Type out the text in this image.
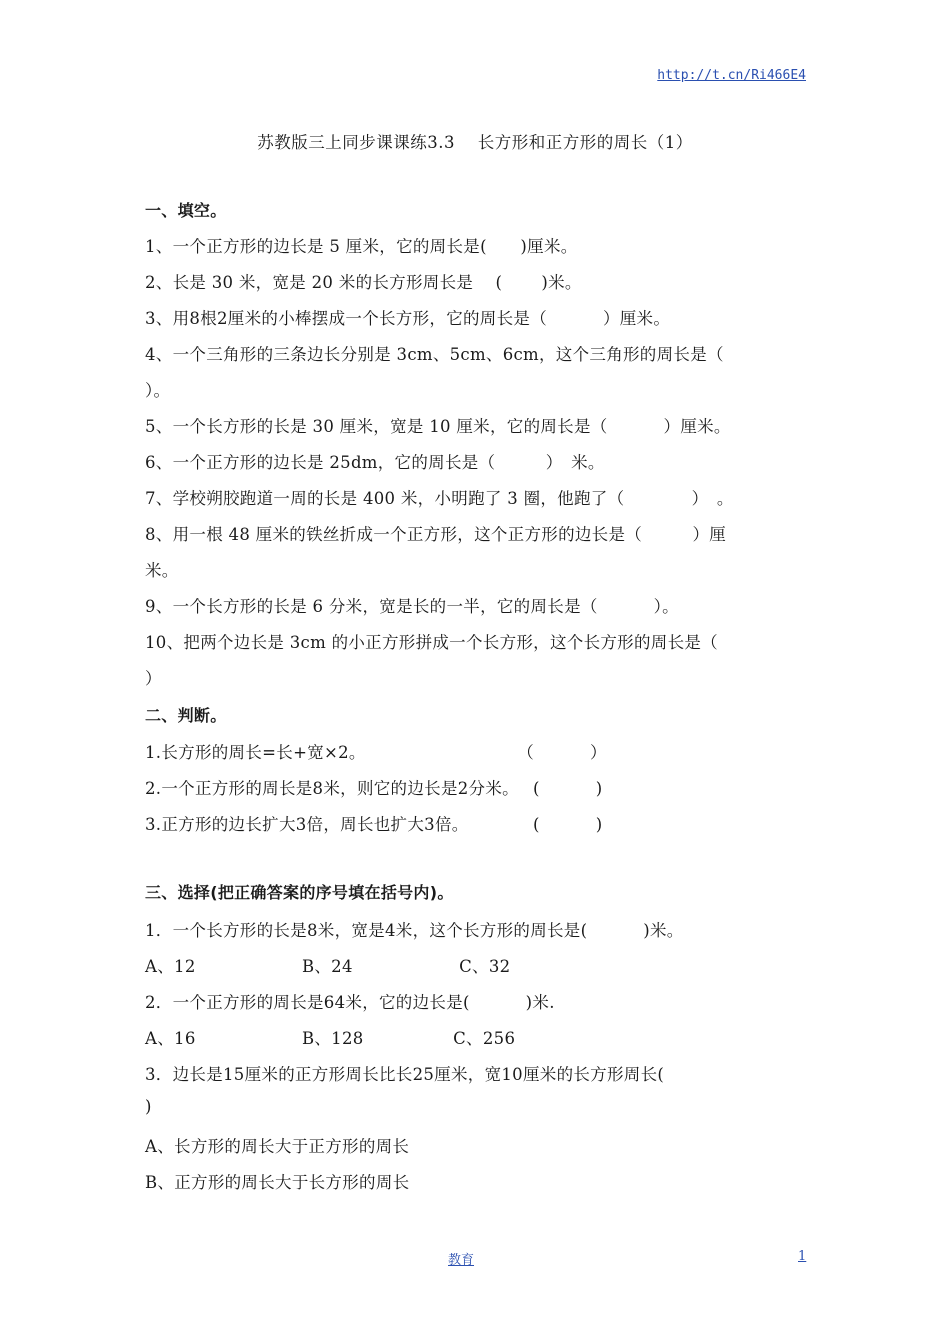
http://t.cn/Ri466E4
苏教版三上同步课课练3.3　 长方形和正方形的周长（1）
一、填空。
1、一个正方形的边长是 5 厘米，它的周长是(　　)厘米。
2、长是 30 米，宽是 20 米的长方形周长是　 (　　 )米。
3、用8根2厘米的小棒摆成一个长方形，它的周长是（　　　 ）厘米。
4、一个三角形的三条边长分别是 3cm、5cm、6cm，这个三角形的周长是（
）。
5、一个长方形的长是 30 厘米，宽是 10 厘米，它的周长是（　　　 ）厘米。
6、一个正方形的边长是 25dm，它的周长是（　　　）　米。
7、学校朔胶跑道一周的长是 400 米，小明跑了 3 圈，他跑了（　　　　）　。
8、用一根 48 厘米的铁丝折成一个正方形，这个正方形的边长是（　　　）厘
米。
9、一个长方形的长是 6 分米，宽是长的一半，它的周长是（　　　 ）。
10、把两个边长是 3cm 的小正方形拼成一个长方形，这个长方形的周长是（
）
二、判断。
1.长方形的周长=长+宽×2。　　　　　　　　　　（　　　 ）
2.一个正方形的周长是8米，则它的边长是2分米。　 (　　　 )
3.正方形的边长扩大3倍，周长也扩大3倍。　　　　 (　　　 )
三、选择(把正确答案的序号填在括号内)。
1．一个长方形的长是8米，宽是4米，这个长方形的周长是(　　　 )米。
A、12　　　　　　 B、24　　　　　　 C、32
2．一个正方形的周长是64米，它的边长是(　　　 )米.
A、16　　　　　　 B、128　　　　　 C、256
3．边长是15厘米的正方形周长比长25厘米，宽10厘米的长方形周长(
)
A、长方形的周长大于正方形的周长
B、正方形的周长大于长方形的周长
教育	1
